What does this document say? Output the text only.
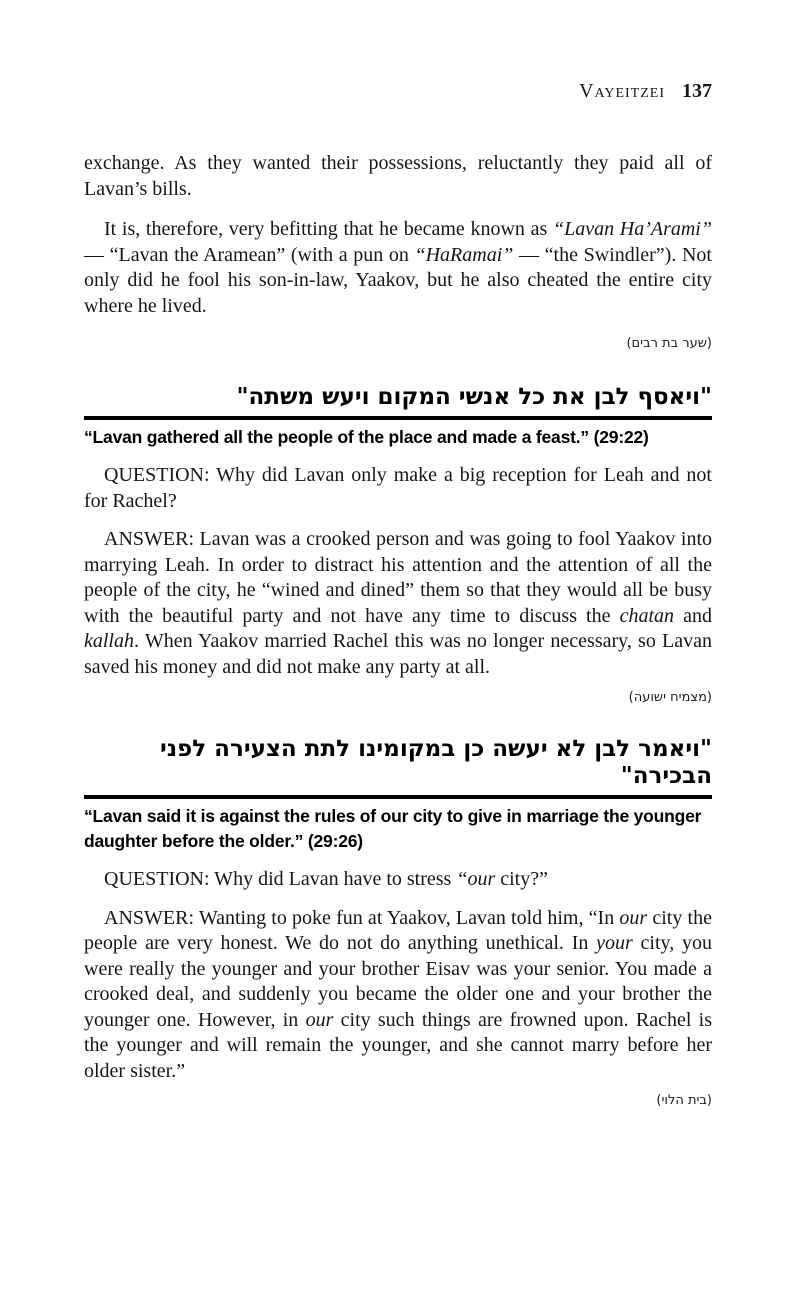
Vayeitzei 137

exchange. As they wanted their possessions, reluctantly they paid all of Lavan’s bills.

It is, therefore, very befitting that he became known as “Lavan Ha’Arami” — “Lavan the Aramean” (with a pun on “HaRamai” — “the Swindler”). Not only did he fool his son-in-law, Yaakov, but he also cheated the entire city where he lived.

(שער בת רבים)

"ויאסף לבן את כל אנשי המקום ויעש משתה"
“Lavan gathered all the people of the place and made a feast.” (29:22)

QUESTION: Why did Lavan only make a big reception for Leah and not for Rachel?

ANSWER: Lavan was a crooked person and was going to fool Yaakov into marrying Leah. In order to distract his attention and the attention of all the people of the city, he “wined and dined” them so that they would all be busy with the beautiful party and not have any time to discuss the chatan and kallah. When Yaakov married Rachel this was no longer necessary, so Lavan saved his money and did not make any party at all.

(מצמיח ישועה)

"ויאמר לבן לא יעשה כן במקומינו לתת הצעירה לפני הבכירה"
“Lavan said it is against the rules of our city to give in marriage the younger daughter before the older.” (29:26)

QUESTION: Why did Lavan have to stress “our city?”

ANSWER: Wanting to poke fun at Yaakov, Lavan told him, “In our city the people are very honest. We do not do anything unethical. In your city, you were really the younger and your brother Eisav was your senior. You made a crooked deal, and suddenly you became the older one and your brother the younger one. However, in our city such things are frowned upon. Rachel is the younger and will remain the younger, and she cannot marry before her older sister.”

(בית הלוי)
